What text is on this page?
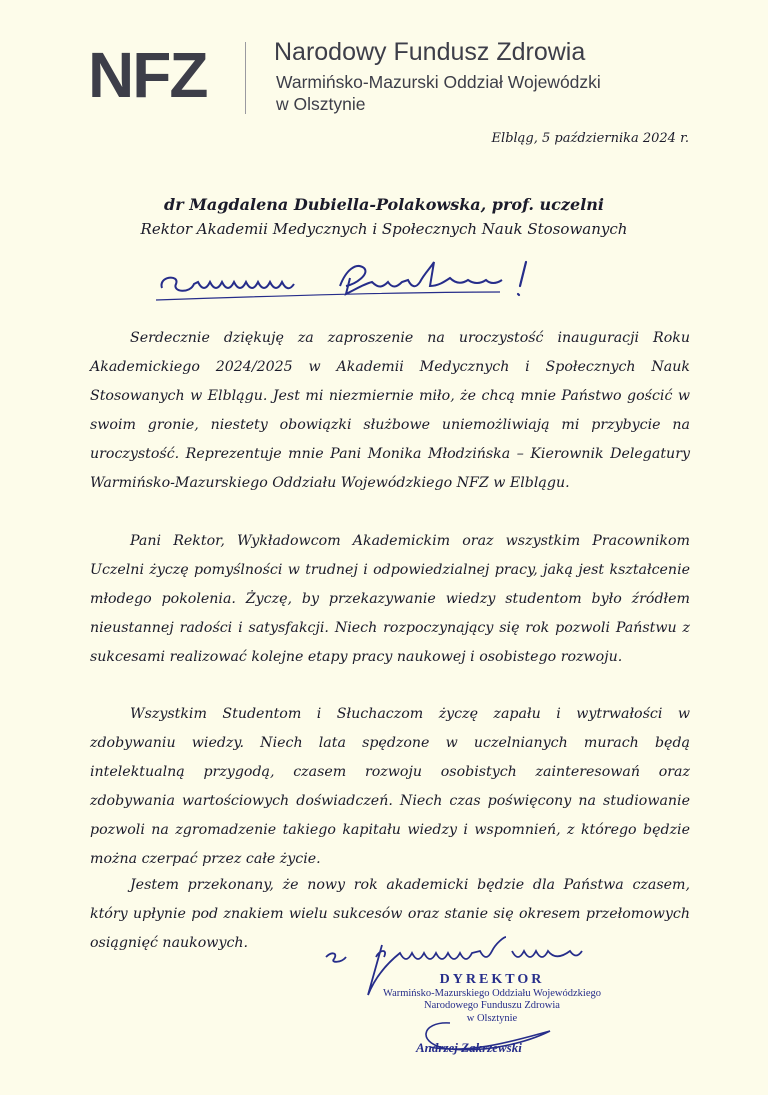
NFZ	Narodowy Fundusz Zdrowia
Warmińsko-Mazurski Oddział Wojewódzki
w Olsztynie
Elbląg, 5 października 2024 r.
dr Magdalena Dubiella-Polakowska, prof. uczelni
Rektor Akademii Medycznych i Społecznych Nauk Stosowanych
Serdecznie dziękuję za zaproszenie na uroczystość inauguracji Roku Akademickiego 2024/2025 w Akademii Medycznych i Społecznych Nauk Stosowanych w Elblągu. Jest mi niezmiernie miło, że chcą mnie Państwo gościć w swoim gronie, niestety obowiązki służbowe uniemożliwiają mi przybycie na uroczystość. Reprezentuje mnie Pani Monika Młodzińska – Kierownik Delegatury Warmińsko-Mazurskiego Oddziału Wojewódzkiego NFZ w Elblągu.
Pani Rektor, Wykładowcom Akademickim oraz wszystkim Pracownikom Uczelni życzę pomyślności w trudnej i odpowiedzialnej pracy, jaką jest kształcenie młodego pokolenia. Życzę, by przekazywanie wiedzy studentom było źródłem nieustannej radości i satysfakcji. Niech rozpoczynający się rok pozwoli Państwu z sukcesami realizować kolejne etapy pracy naukowej i osobistego rozwoju.
Wszystkim Studentom i Słuchaczom życzę zapału i wytrwałości w zdobywaniu wiedzy. Niech lata spędzone w uczelnianych murach będą intelektualną przygodą, czasem rozwoju osobistych zainteresowań oraz zdobywania wartościowych doświadczeń. Niech czas poświęcony na studiowanie pozwoli na zgromadzenie takiego kapitału wiedzy i wspomnień, z którego będzie można czerpać przez całe życie.
Jestem przekonany, że nowy rok akademicki będzie dla Państwa czasem, który upłynie pod znakiem wielu sukcesów oraz stanie się okresem przełomowych osiągnięć naukowych.
DYREKTOR
Warmińsko-Mazurskiego Oddziału Wojewódzkiego
Narodowego Funduszu Zdrowia
w Olsztynie
Andrzej Zakrzewski
